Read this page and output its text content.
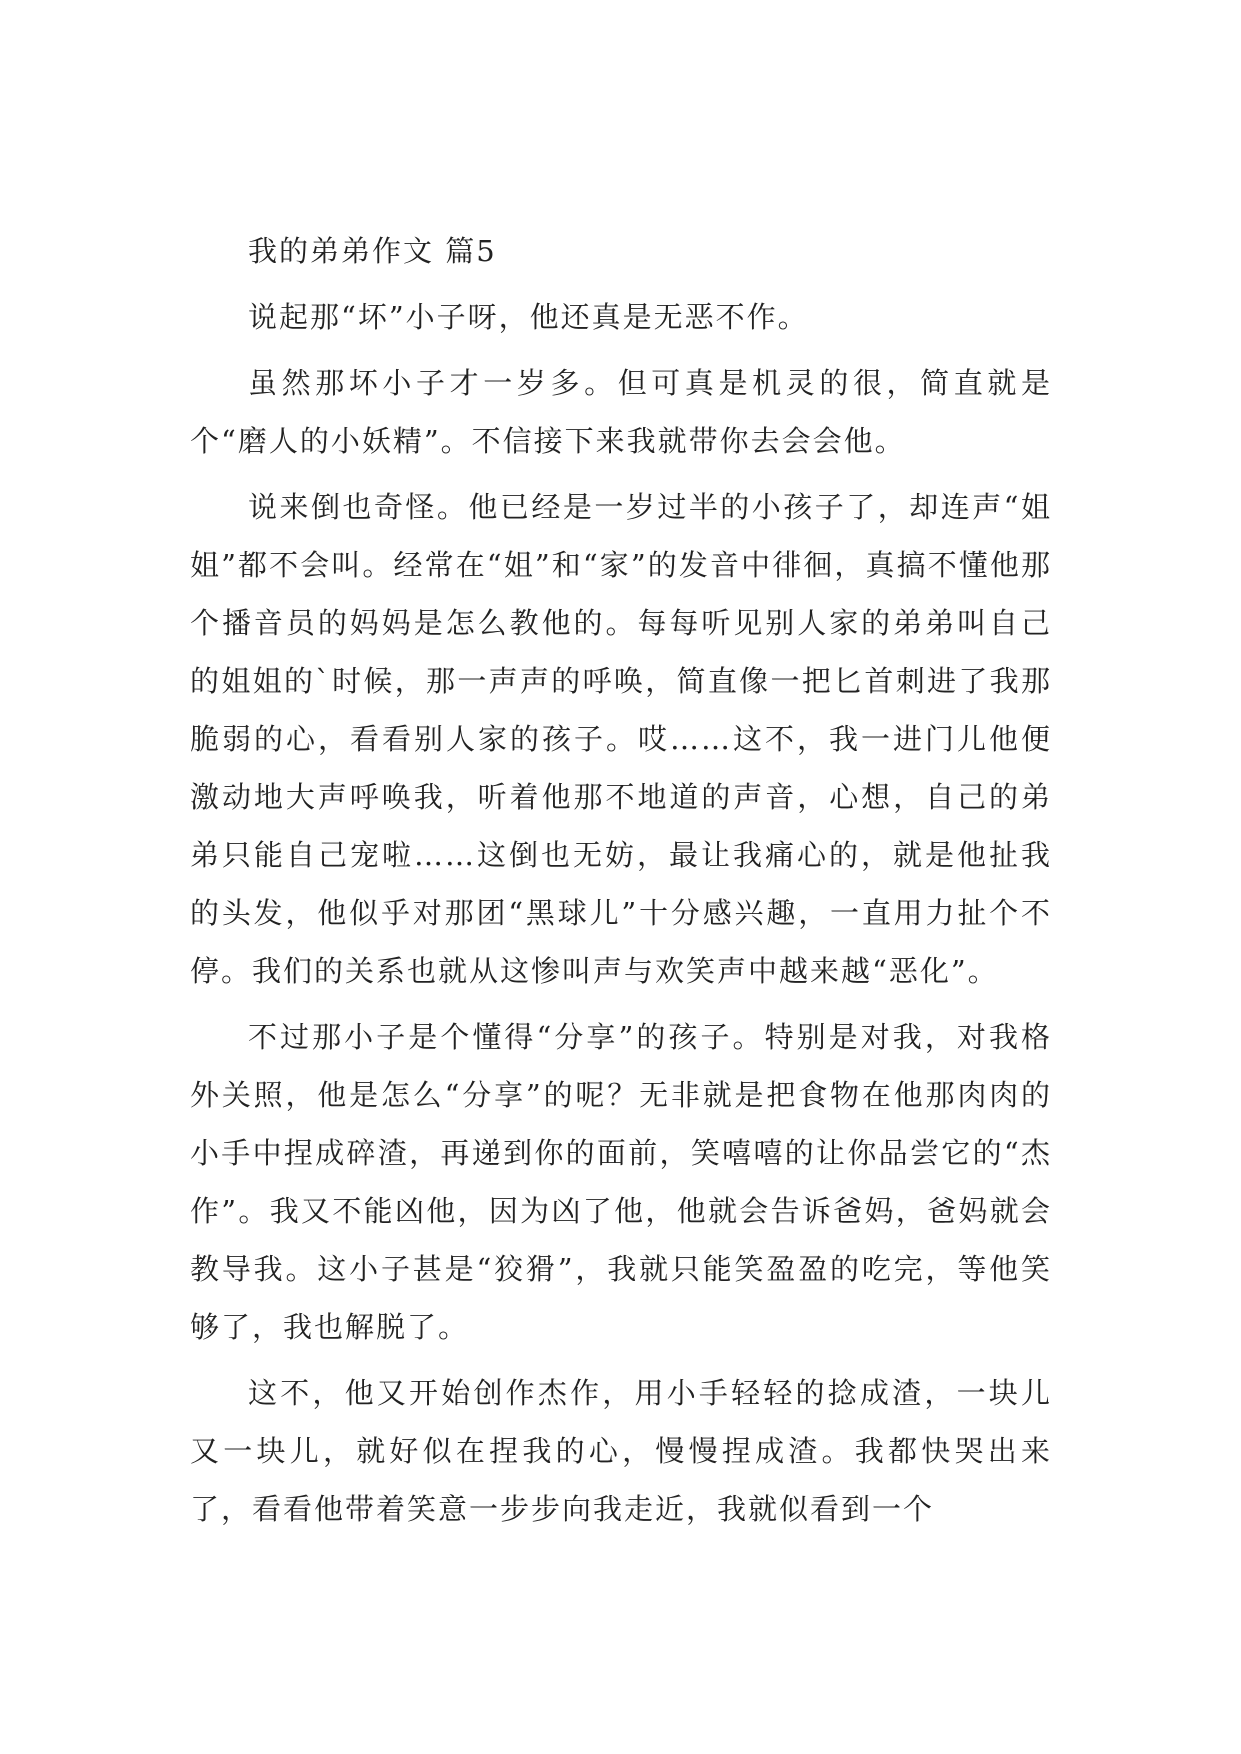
我的弟弟作文 篇5

说起那“坏”小子呀，他还真是无恶不作。

虽然那坏小子才一岁多。但可真是机灵的很，简直就是个“磨人的小妖精”。不信接下来我就带你去会会他。

说来倒也奇怪。他已经是一岁过半的小孩子了，却连声“姐姐”都不会叫。经常在“姐”和“家”的发音中徘徊，真搞不懂他那个播音员的妈妈是怎么教他的。每每听见别人家的弟弟叫自己的姐姐的`时候，那一声声的呼唤，简直像一把匕首刺进了我那脆弱的心，看看别人家的孩子。哎……这不，我一进门儿他便激动地大声呼唤我，听着他那不地道的声音，心想，自己的弟弟只能自己宠啦……这倒也无妨，最让我痛心的，就是他扯我的头发，他似乎对那团“黑球儿”十分感兴趣，一直用力扯个不停。我们的关系也就从这惨叫声与欢笑声中越来越“恶化”。

不过那小子是个懂得“分享”的孩子。特别是对我，对我格外关照，他是怎么“分享”的呢？无非就是把食物在他那肉肉的小手中捏成碎渣，再递到你的面前，笑嘻嘻的让你品尝它的“杰作”。我又不能凶他，因为凶了他，他就会告诉爸妈，爸妈就会教导我。这小子甚是“狡猾”，我就只能笑盈盈的吃完，等他笑够了，我也解脱了。

这不，他又开始创作杰作，用小手轻轻的捻成渣，一块儿又一块儿，就好似在捏我的心，慢慢捏成渣。我都快哭出来了，看看他带着笑意一步步向我走近，我就似看到一个
